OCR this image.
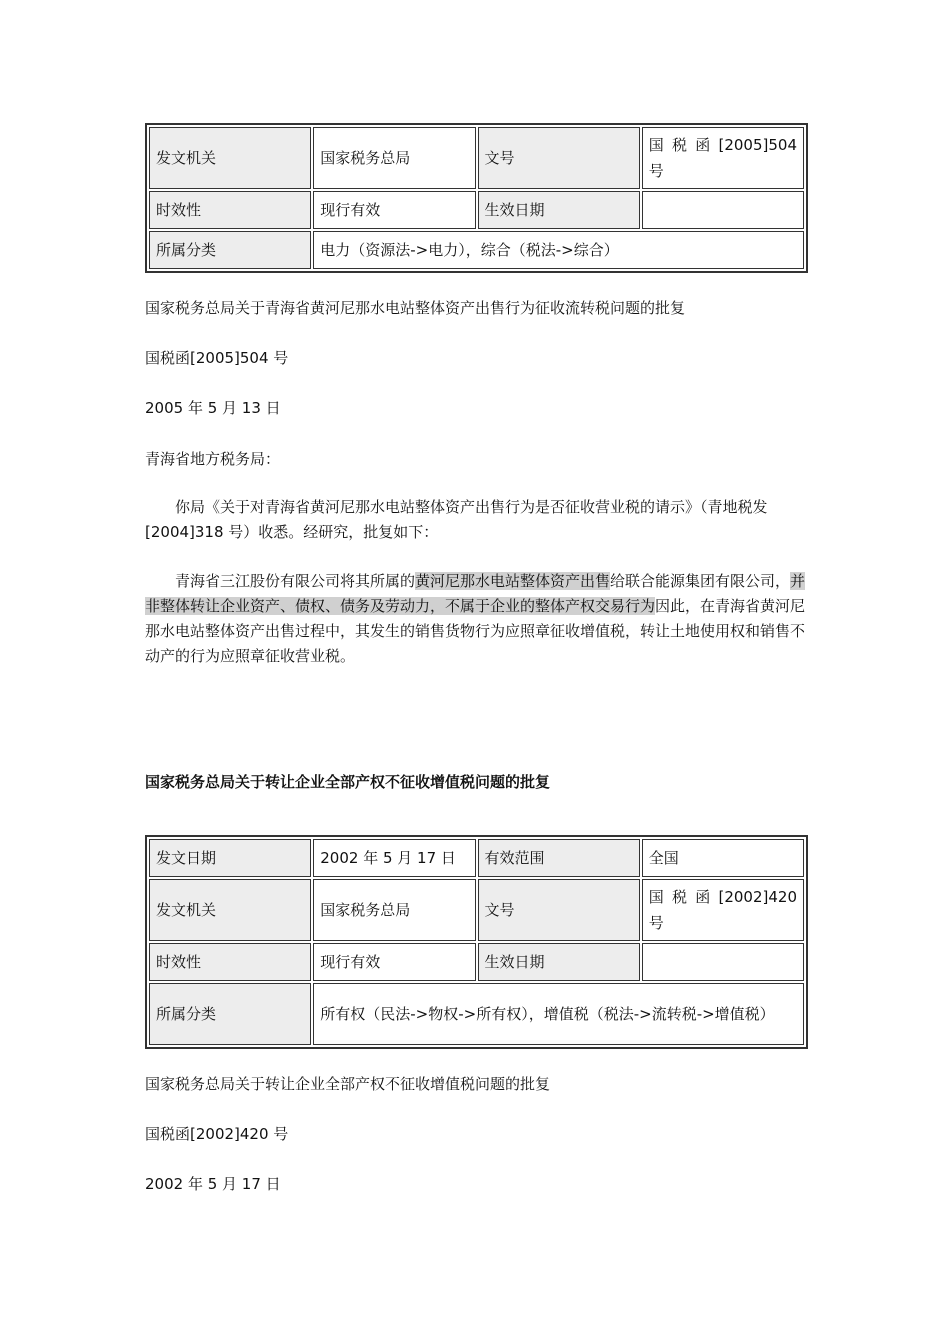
发文机关	国家税务总局	文号	国 税 函 [2005]504 号
时效性	现行有效	生效日期	
所属分类	电力（资源法->电力），综合（税法->综合）		

国家税务总局关于青海省黄河尼那水电站整体资产出售行为征收流转税问题的批复

国税函[2005]504 号

2005 年 5 月 13 日

青海省地方税务局：

你局《关于对青海省黄河尼那水电站整体资产出售行为是否征收营业税的请示》（青地税发[2004]318 号）收悉。经研究，批复如下：

青海省三江股份有限公司将其所属的黄河尼那水电站整体资产出售给联合能源集团有限公司，并非整体转让企业资产、债权、债务及劳动力，不属于企业的整体产权交易行为因此，在青海省黄河尼那水电站整体资产出售过程中，其发生的销售货物行为应照章征收增值税，转让土地使用权和销售不动产的行为应照章征收营业税。

国家税务总局关于转让企业全部产权不征收增值税问题的批复
发文日期	2002 年 5 月 17 日	有效范围	全国
发文机关	国家税务总局	文号	国 税 函 [2002]420 号
时效性	现行有效	生效日期	
所属分类	所有权（民法->物权->所有权），增值税（税法->流转税->增值税）		

国家税务总局关于转让企业全部产权不征收增值税问题的批复

国税函[2002]420 号

2002 年 5 月 17 日
